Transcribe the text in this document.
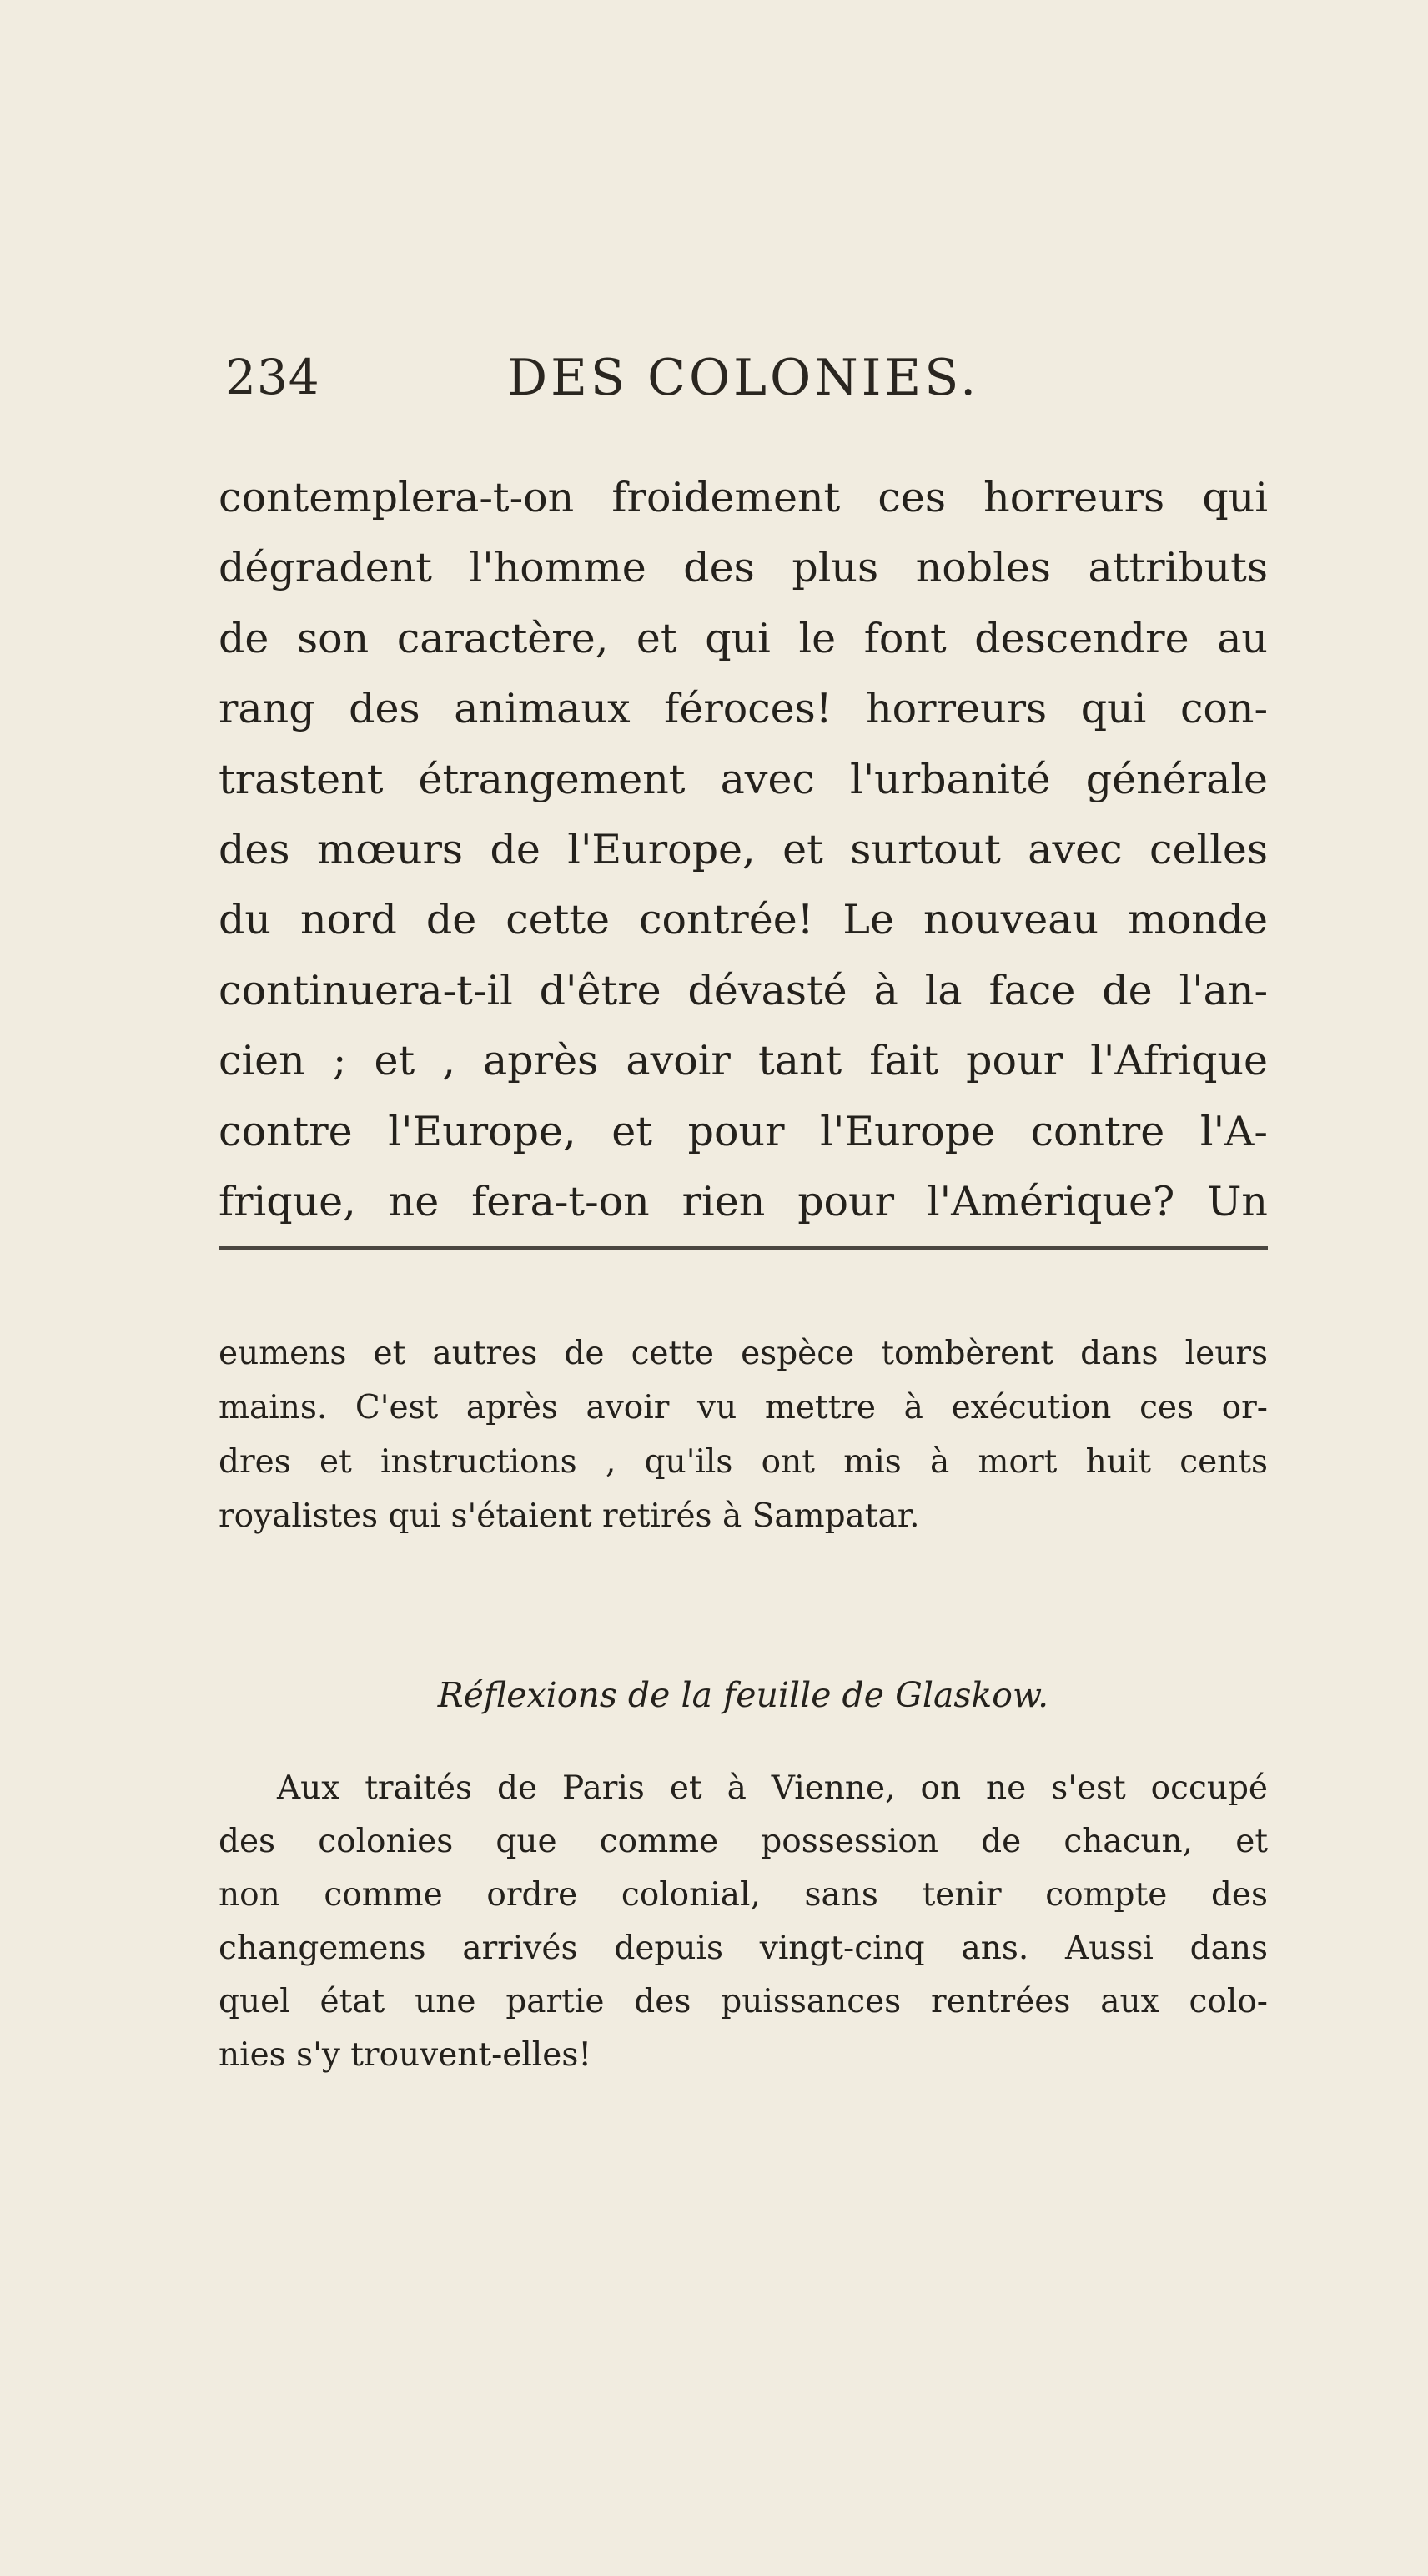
234	DES COLONIES.
contemplera-t-on froidement ces horreurs qui
dégradent l'homme des plus nobles attributs
de son caractère, et qui le font descendre au
rang des animaux féroces! horreurs qui con-
trastent étrangement avec l'urbanité générale
des mœurs de l'Europe, et surtout avec celles
du nord de cette contrée! Le nouveau monde
continuera-t-il d'être dévasté à la face de l'an-
cien ; et , après avoir tant fait pour l'Afrique
contre l'Europe, et pour l'Europe contre l'A-
frique, ne fera-t-on rien pour l'Amérique? Un
eumens et autres de cette espèce tombèrent dans leurs
mains. C'est après avoir vu mettre à exécution ces or-
dres et instructions , qu'ils ont mis à mort huit cents
royalistes qui s'étaient retirés à Sampatar.
Réflexions de la feuille de Glaskow.
Aux traités de Paris et à Vienne, on ne s'est occupé
des colonies que comme possession de chacun, et
non comme ordre colonial, sans tenir compte des
changemens arrivés depuis vingt-cinq ans. Aussi dans
quel état une partie des puissances rentrées aux colo-
nies s'y trouvent-elles!
